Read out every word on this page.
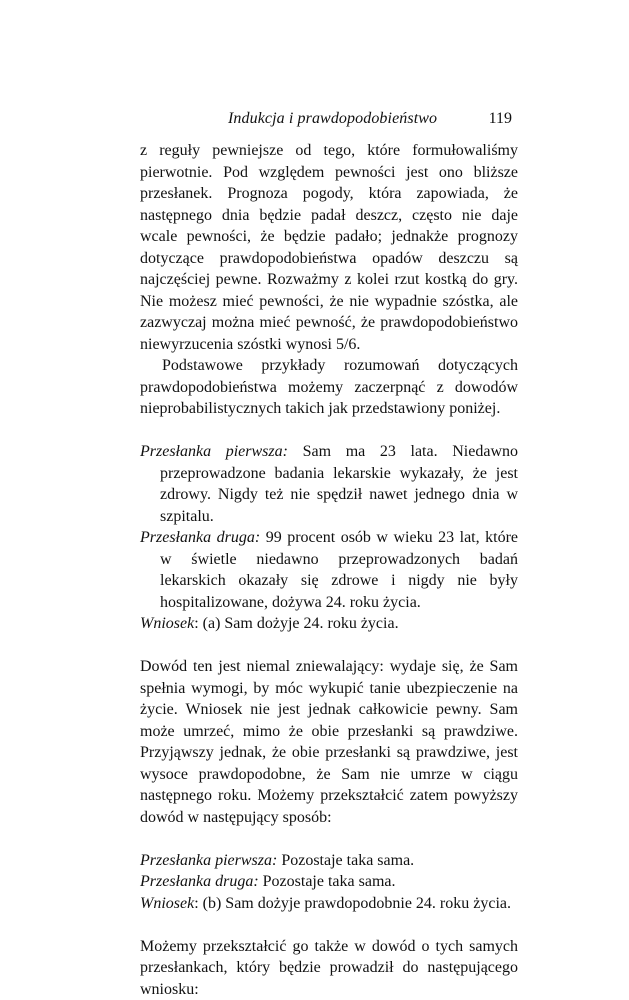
Indukcja i prawdopodobieństwo	119

z reguły pewniejsze od tego, które formułowaliśmy pierwotnie. Pod względem pewności jest ono bliższe przesłanek. Prognoza pogody, która zapowiada, że następnego dnia będzie padał deszcz, często nie daje wcale pewności, że będzie padało; jednakże prognozy dotyczące prawdopodobieństwa opadów deszczu są najczęściej pewne. Rozważmy z kolei rzut kostką do gry. Nie możesz mieć pewności, że nie wypadnie szóstka, ale zazwyczaj można mieć pewność, że prawdopodobieństwo niewyrzucenia szóstki wynosi 5/6.

Podstawowe przykłady rozumowań dotyczących prawdopodobieństwa możemy zaczerpnąć z dowodów nieprobabilistycznych takich jak przedstawiony poniżej.

Przesłanka pierwsza: Sam ma 23 lata. Niedawno przeprowadzone badania lekarskie wykazały, że jest zdrowy. Nigdy też nie spędził nawet jednego dnia w szpitalu.

Przesłanka druga: 99 procent osób w wieku 23 lat, które w świetle niedawno przeprowadzonych badań lekarskich okazały się zdrowe i nigdy nie były hospitalizowane, dożywa 24. roku życia.

Wniosek: (a) Sam dożyje 24. roku życia.

Dowód ten jest niemal zniewalający: wydaje się, że Sam spełnia wymogi, by móc wykupić tanie ubezpieczenie na życie. Wniosek nie jest jednak całkowicie pewny. Sam może umrzeć, mimo że obie przesłanki są prawdziwe. Przyjąwszy jednak, że obie przesłanki są prawdziwe, jest wysoce prawdopodobne, że Sam nie umrze w ciągu następnego roku. Możemy przekształcić zatem powyższy dowód w następujący sposób:

Przesłanka pierwsza: Pozostaje taka sama.

Przesłanka druga: Pozostaje taka sama.

Wniosek: (b) Sam dożyje prawdopodobnie 24. roku życia.

Możemy przekształcić go także w dowód o tych samych przesłankach, który będzie prowadził do następującego wniosku:
